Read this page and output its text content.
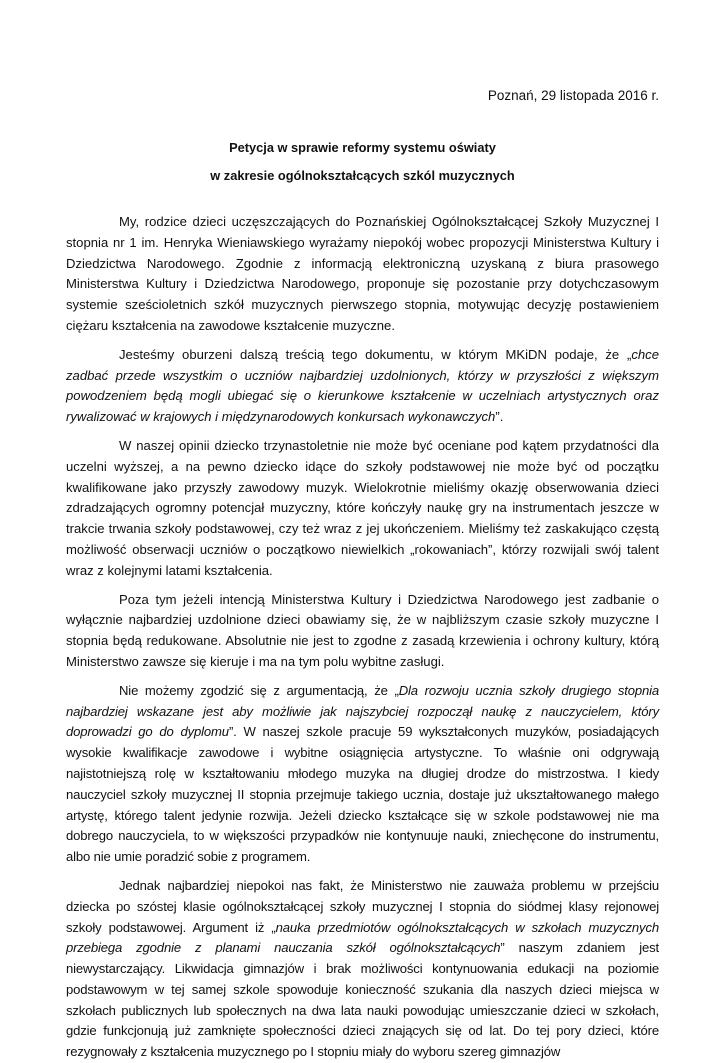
Poznań, 29 listopada 2016 r.
Petycja w sprawie reformy systemu oświaty
w zakresie ogólnokształcących szkól muzycznych

My, rodzice dzieci uczęszczających do Poznańskiej Ogólnokształcącej Szkoły Muzycznej I stopnia nr 1 im. Henryka Wieniawskiego wyrażamy niepokój wobec propozycji Ministerstwa Kultury i Dziedzictwa Narodowego. Zgodnie z informacją elektroniczną uzyskaną z biura prasowego Ministerstwa Kultury i Dziedzictwa Narodowego, proponuje się pozostanie przy dotychczasowym systemie sześcioletnich szkół muzycznych pierwszego stopnia, motywując decyzję postawieniem ciężaru kształcenia na zawodowe kształcenie muzyczne.

Jesteśmy oburzeni dalszą treścią tego dokumentu, w którym MKiDN podaje, że „chce zadbać przede wszystkim o uczniów najbardziej uzdolnionych, którzy w przyszłości z większym powodzeniem będą mogli ubiegać się o kierunkowe kształcenie w uczelniach artystycznych oraz rywalizować w krajowych i międzynarodowych konkursach wykonawczych”.

W naszej opinii dziecko trzynastoletnie nie może być oceniane pod kątem przydatności dla uczelni wyższej, a na pewno dziecko idące do szkoły podstawowej nie może być od początku kwalifikowane jako przyszły zawodowy muzyk. Wielokrotnie mieliśmy okazję obserwowania dzieci zdradzających ogromny potencjał muzyczny, które kończyły naukę gry na instrumentach jeszcze w trakcie trwania szkoły podstawowej, czy też wraz z jej ukończeniem. Mieliśmy też zaskakująco częstą możliwość obserwacji uczniów o początkowo niewielkich „rokowaniach”, którzy rozwijali swój talent wraz z kolejnymi latami kształcenia.

Poza tym jeżeli intencją Ministerstwa Kultury i Dziedzictwa Narodowego jest zadbanie o wyłącznie najbardziej uzdolnione dzieci obawiamy się, że w najbliższym czasie szkoły muzyczne I stopnia będą redukowane. Absolutnie nie jest to zgodne z zasadą krzewienia i ochrony kultury, którą Ministerstwo zawsze się kieruje i ma na tym polu wybitne zasługi.

Nie możemy zgodzić się z argumentacją, że „Dla rozwoju ucznia szkoły drugiego stopnia najbardziej wskazane jest aby możliwie jak najszybciej rozpoczął naukę z nauczycielem, który doprowadzi go do dyplomu”. W naszej szkole pracuje 59 wykształconych muzyków, posiadających wysokie kwalifikacje zawodowe i wybitne osiągnięcia artystyczne. To właśnie oni odgrywają najistotniejszą rolę w kształtowaniu młodego muzyka na długiej drodze do mistrzostwa. I kiedy nauczyciel szkoły muzycznej II stopnia przejmuje takiego ucznia, dostaje już ukształtowanego małego artystę, którego talent jedynie rozwija. Jeżeli dziecko kształcące się w szkole podstawowej nie ma dobrego nauczyciela, to w większości przypadków nie kontynuuje nauki, zniechęcone do instrumentu, albo nie umie poradzić sobie z programem.

Jednak najbardziej niepokoi nas fakt, że Ministerstwo nie zauważa problemu w przejściu dziecka po szóstej klasie ogólnokształcącej szkoły muzycznej I stopnia do siódmej klasy rejonowej szkoły podstawowej. Argument iż „nauka przedmiotów ogólnokształcących w szkołach muzycznych przebiega zgodnie z planami nauczania szkół ogólnokształcących” naszym zdaniem jest niewystarczający. Likwidacja gimnazjów i brak możliwości kontynuowania edukacji na poziomie podstawowym w tej samej szkole spowoduje konieczność szukania dla naszych dzieci miejsca w szkołach publicznych lub społecznych na dwa lata nauki powodując umieszczanie dzieci w szkołach, gdzie funkcjonują już zamknięte społeczności dzieci znających się od lat. Do tej pory dzieci, które rezygnowały z kształcenia muzycznego po I stopniu miały do wyboru szereg gimnazjów
